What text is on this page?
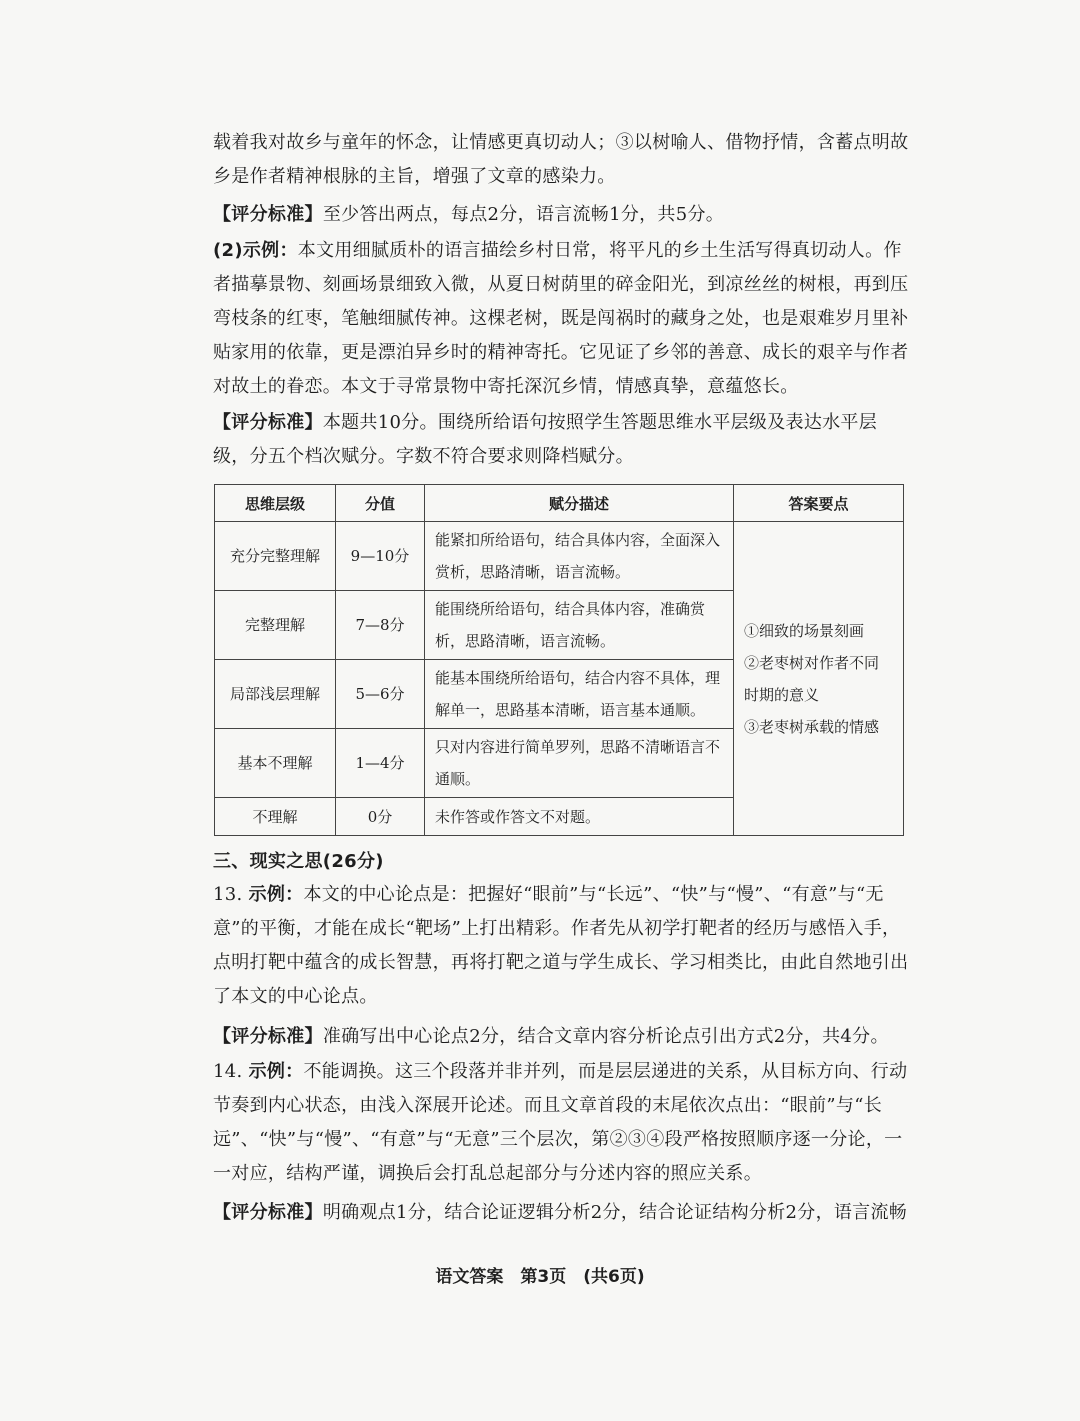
载着我对故乡与童年的怀念，让情感更真切动人；③以树喻人、借物抒情，含蓄点明故
乡是作者精神根脉的主旨，增强了文章的感染力。

【评分标准】至少答出两点，每点2分，语言流畅1分，共5分。

(2)示例：本文用细腻质朴的语言描绘乡村日常，将平凡的乡土生活写得真切动人。作者描摹景物、刻画场景细致入微，从夏日树荫里的碎金阳光，到凉丝丝的树根，再到压弯枝条的红枣，笔触细腻传神。这棵老树，既是闯祸时的藏身之处，也是艰难岁月里补贴家用的依靠，更是漂泊异乡时的精神寄托。它见证了乡邻的善意、成长的艰辛与作者对故土的眷恋。本文于寻常景物中寄托深沉乡情，情感真挚，意蕴悠长。

【评分标准】本题共10分。围绕所给语句按照学生答题思维水平层级及表达水平层级，分五个档次赋分。字数不符合要求则降档赋分。

思维层级	分值	赋分描述	答案要点
充分完整理解	9—10分	能紧扣所给语句，结合具体内容，全面深入赏析，思路清晰，语言流畅。	①细致的场景刻画
②老枣树对作者不同时期的意义
③老枣树承载的情感

完整理解	7—8分	能围绕所给语句，结合具体内容，准确赏析，思路清晰，语言流畅。	
局部浅层理解	5—6分	能基本围绕所给语句，结合内容不具体，理解单一，思路基本清晰，语言基本通顺。	
基本不理解	1—4分	只对内容进行简单罗列，思路不清晰语言不通顺。	
不理解	0分	未作答或作答文不对题。	

三、现实之思(26分)

13. 示例：本文的中心论点是：把握好“眼前”与“长远”、“快”与“慢”、“有意”与“无意”的平衡，才能在成长“靶场”上打出精彩。作者先从初学打靶者的经历与感悟入手，点明打靶中蕴含的成长智慧，再将打靶之道与学生成长、学习相类比，由此自然地引出了本文的中心论点。

【评分标准】准确写出中心论点2分，结合文章内容分析论点引出方式2分，共4分。

14. 示例：不能调换。这三个段落并非并列，而是层层递进的关系，从目标方向、行动节奏到内心状态，由浅入深展开论述。而且文章首段的末尾依次点出：“眼前”与“长远”、“快”与“慢”、“有意”与“无意”三个层次，第②③④段严格按照顺序逐一分论，一一对应，结构严谨，调换后会打乱总起部分与分述内容的照应关系。

【评分标准】明确观点1分，结合论证逻辑分析2分，结合论证结构分析2分，语言流畅

语文答案　第3页　(共6页)
